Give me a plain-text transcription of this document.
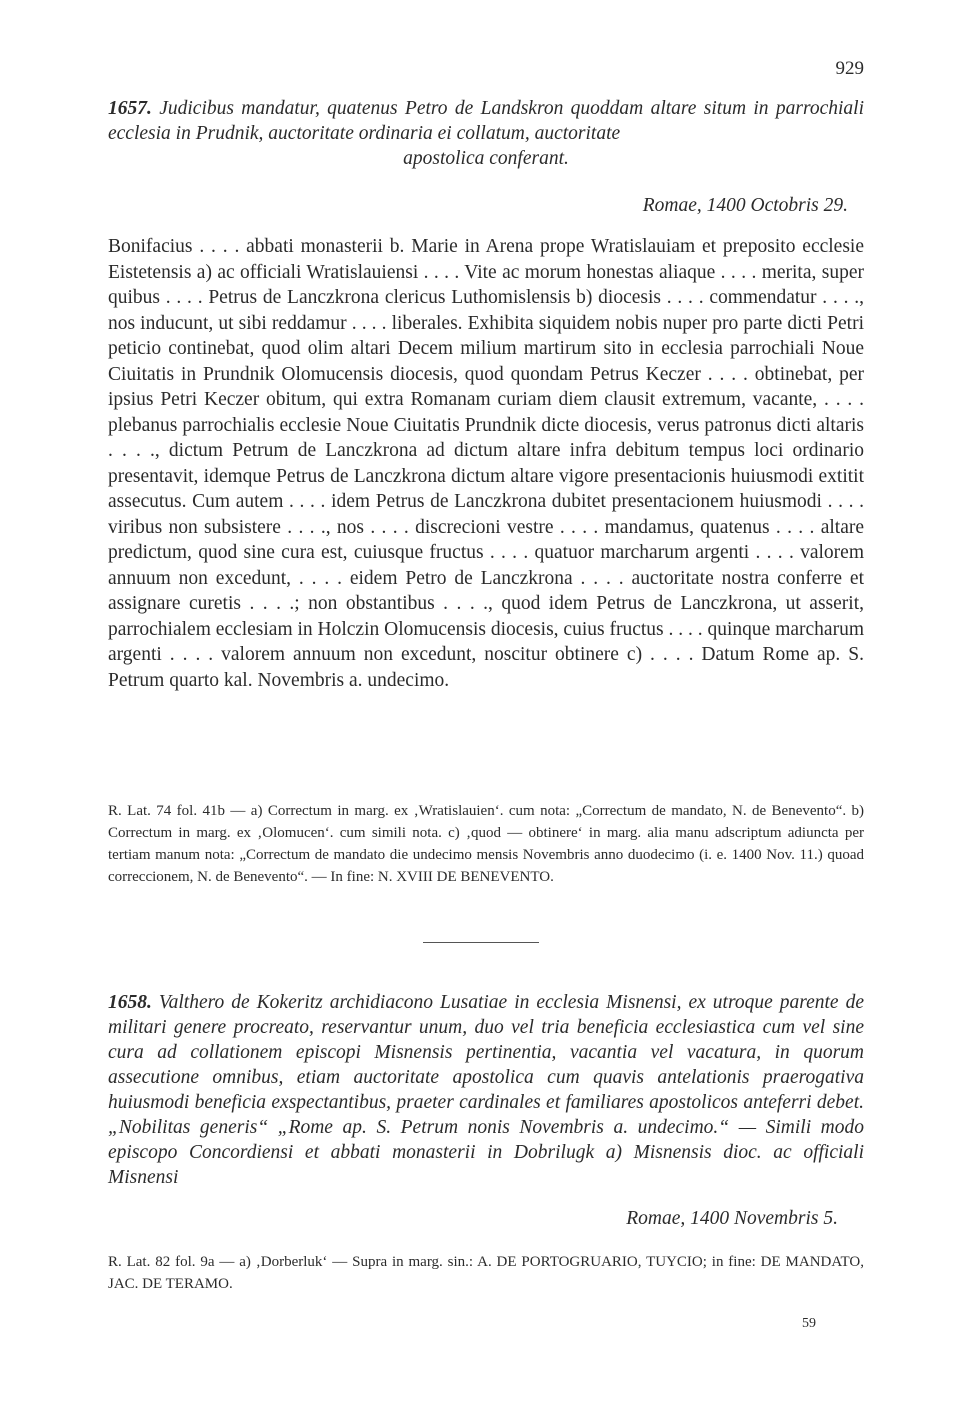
929
1657. Judicibus mandatur, quatenus Petro de Landskron quoddam altare situm in parrochiali ecclesia in Prudnik, auctoritate ordinaria ei collatum, auctoritate
apostolica conferant.
Romae, 1400 Octobris 29.
Bonifacius . . . . abbati monasterii b. Marie in Arena prope Wratislauiam et preposito ecclesie Eistetensis a) ac officiali Wratislauiensi . . . . Vite ac morum honestas aliaque . . . . merita, super quibus . . . . Petrus de Lanczkrona clericus Luthomislensis b) diocesis . . . . commendatur . . . ., nos inducunt, ut sibi reddamur . . . . liberales. Exhibita siquidem nobis nuper pro parte dicti Petri peticio continebat, quod olim altari Decem milium martirum sito in ecclesia parrochiali Noue Ciuitatis in Prundnik Olomucensis diocesis, quod quondam Petrus Keczer . . . . obtinebat, per ipsius Petri Keczer obitum, qui extra Romanam curiam diem clausit extremum, vacante, . . . . plebanus parrochialis ecclesie Noue Ciuitatis Prundnik dicte diocesis, verus patronus dicti altaris . . . ., dictum Petrum de Lanczkrona ad dictum altare infra debitum tempus loci ordinario presentavit, idemque Petrus de Lanczkrona dictum altare vigore presentacionis huiusmodi extitit assecutus. Cum autem . . . . idem Petrus de Lanczkrona dubitet presentacionem huiusmodi . . . . viribus non subsistere . . . ., nos . . . . discrecioni vestre . . . . mandamus, quatenus . . . . altare predictum, quod sine cura est, cuiusque fructus . . . . quatuor marcharum argenti . . . . valorem annuum non excedunt, . . . . eidem Petro de Lanczkrona . . . . auctoritate nostra conferre et assignare curetis . . . .; non obstantibus . . . ., quod idem Petrus de Lanczkrona, ut asserit, parrochialem ecclesiam in Holczin Olomucensis diocesis, cuius fructus . . . . quinque marcharum argenti . . . . valorem annuum non excedunt, noscitur obtinere c) . . . . Datum Rome ap. S. Petrum quarto kal. Novembris a. undecimo.
R. Lat. 74 fol. 41b — a) Correctum in marg. ex ‚Wratislauien‘. cum nota: „Correctum de mandato, N. de Benevento“. b) Correctum in marg. ex ‚Olomucen‘. cum simili nota. c) ‚quod — obtinere‘ in marg. alia manu adscriptum adiuncta per tertiam manum nota: „Correctum de mandato die undecimo mensis Novembris anno duodecimo (i. e. 1400 Nov. 11.) quoad correccionem, N. de Benevento“. — In fine: N. XVIII DE BENEVENTO.
1658. Valthero de Kokeritz archidiacono Lusatiae in ecclesia Misnensi, ex utroque parente de militari genere procreato, reservantur unum, duo vel tria beneficia ecclesiastica cum vel sine cura ad collationem episcopi Misnensis pertinentia, vacantia vel vacatura, in quorum assecutione omnibus, etiam auctoritate apostolica cum quavis antelationis praerogativa huiusmodi beneficia exspectantibus, praeter cardinales et familiares apostolicos anteferri debet. „Nobilitas generis“ „Rome ap. S. Petrum nonis Novembris a. undecimo.“ — Simili modo episcopo Concordiensi et abbati monasterii in Dobrilugk a) Misnensis dioc. ac officiali Misnensi
Romae, 1400 Novembris 5.
R. Lat. 82 fol. 9a — a) ‚Dorberluk‘ — Supra in marg. sin.: A. DE PORTOGRUARIO, TUYCIO; in fine: DE MANDATO, JAC. DE TERAMO.
59
